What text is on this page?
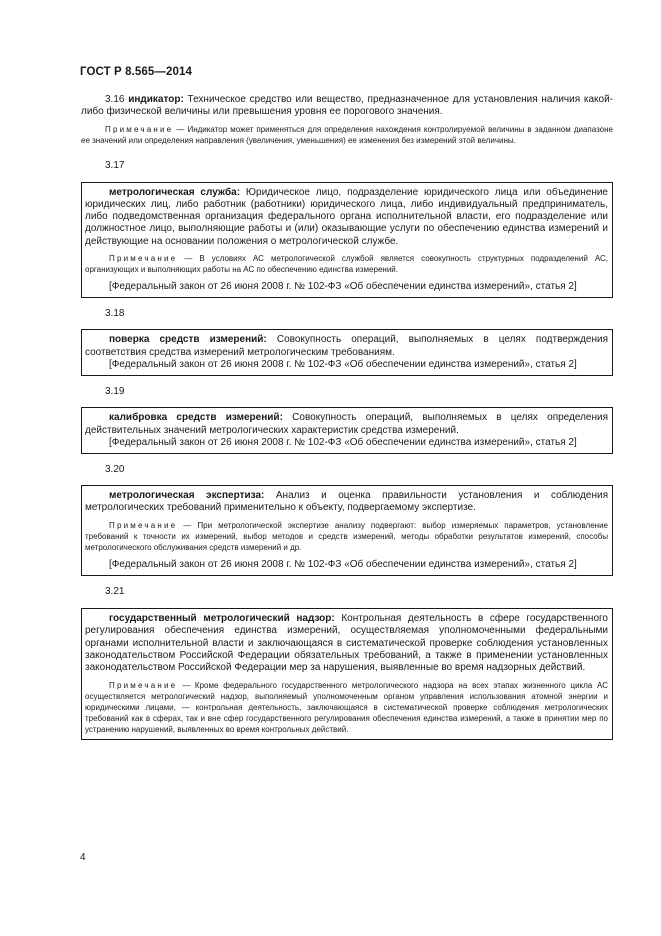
ГОСТ Р 8.565—2014

3.16 индикатор: Техническое средство или вещество, предназначенное для установления наличия какой-либо физической величины или превышения уровня ее порогового значения.

Примечание — Индикатор может применяться для определения нахождения контролируемой величины в заданном диапазоне ее значений или определения направления (увеличения, уменьшения) ее изменения без измерений этой величины.

3.17

метрологическая служба: Юридическое лицо, подразделение юридического лица или объединение юридических лиц, либо работник (работники) юридического лица, либо индивидуальный предприниматель, либо подведомственная организация федерального органа исполнительной власти, его подразделение или должностное лицо, выполняющие работы и (или) оказывающие услуги по обеспечению единства измерений и действующие на основании положения о метрологической службе.

Примечание — В условиях АС метрологической службой является совокупность структурных подразделений АС, организующих и выполняющих работы на АС по обеспечению единства измерений.

[Федеральный закон от 26 июня 2008 г. № 102-ФЗ «Об обеспечении единства измерений», статья 2]

3.18

поверка средств измерений: Совокупность операций, выполняемых в целях подтверждения соответствия средства измерений метрологическим требованиям.

[Федеральный закон от 26 июня 2008 г. № 102-ФЗ «Об обеспечении единства измерений», статья 2]

3.19

калибровка средств измерений: Совокупность операций, выполняемых в целях определения действительных значений метрологических характеристик средства измерений.

[Федеральный закон от 26 июня 2008 г. № 102-ФЗ «Об обеспечении единства измерений», статья 2]

3.20

метрологическая экспертиза: Анализ и оценка правильности установления и соблюдения метрологических требований применительно к объекту, подвергаемому экспертизе.

Примечание — При метрологической экспертизе анализу подвергают: выбор измеряемых параметров, установление требований к точности их измерений, выбор методов и средств измерений, методы обработки результатов измерений, способы метрологического обслуживания средств измерений и др.

[Федеральный закон от 26 июня 2008 г. № 102-ФЗ «Об обеспечении единства измерений», статья 2]

3.21

государственный метрологический надзор: Контрольная деятельность в сфере государственного регулирования обеспечения единства измерений, осуществляемая уполномоченными федеральными органами исполнительной власти и заключающаяся в систематической проверке соблюдения установленных законодательством Российской Федерации обязательных требований, а также в применении установленных законодательством Российской Федерации мер за нарушения, выявленные во время надзорных действий.

Примечание — Кроме федерального государственного метрологического надзора на всех этапах жизненного цикла АС осуществляется метрологический надзор, выполняемый уполномоченным органом управления использования атомной энергии и юридическими лицами, — контрольная деятельность, заключающаяся в систематической проверке соблюдения метрологических требований как в сферах, так и вне сфер государственного регулирования обеспечения единства измерений, а также в принятии мер по устранению нарушений, выявленных во время контрольных действий.

4
